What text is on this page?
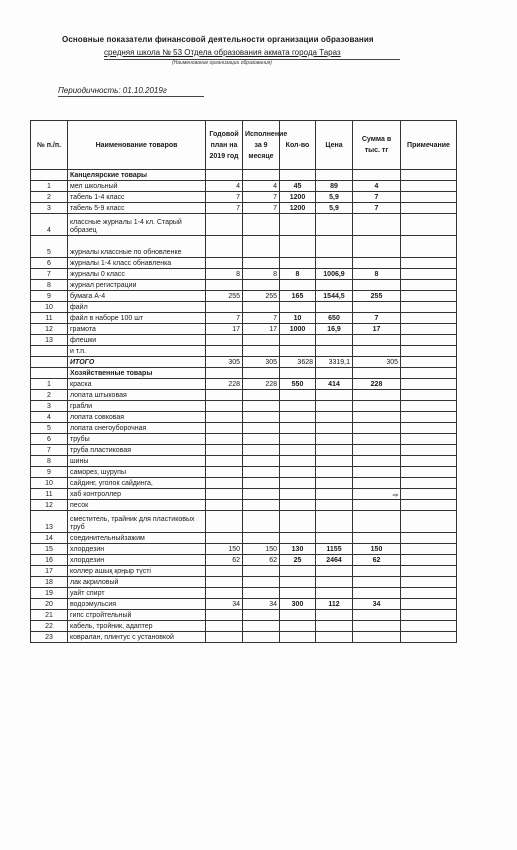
Основные показатели финансовой деятельности организации образования
средняя школа № 53 Отдела образования акмата города Тараз
(Наименование организации образования)
Периодичность: 01.10.2019г
№ п./п.	Наименование товаров	Годовой план на 2019 год	Исполнение за 9 месяце	Кол-во	Цена	Сумма в тыс. тг	Примечание
	Канцелярские товары						
1	мел школьный	4	4	45	89	4	
2	табель 1-4 класс	7	7	1200	5,9	7	
3	табель 5-9 класс	7	7	1200	5,9	7	
4	классные журналы 1-4 кл. Старый образец						
5	журналы классные по обновленке						
6	журналы 1-4 класс обнавленка						
7	журналы 0 класс	8	8	8	1006,9	8	
8	журнал регистрации						
9	бумага А-4	255	255	165	1544,5	255	
10	файл						
11	файл в наборе 100 шт	7	7	10	650	7	
12	грамота	17	17	1000	16,9	17	
13	флешки						
	и т.п.						
	ИТОГО	305	305	3628	3319,1	305	
	Хозяйственные товары						
1	краска	228	228	550	414	228	
2	лопата штыковая						
3	грабли						
4	лопата совковая						
5	лопата снегоуборочная						
6	трубы						
7	труба пластиковая						
8	шины						
9	саморез, шурупы						
10	сайдинг, уголок сайдинга,						
11	хаб контроллер					зф	
12	песок						
13	сместитель, трайник для пластиковых труб						
14	соединительныйзажим						
15	хлордезин	150	150	130	1155	150	
16	хлордезин	62	62	25	2464	62	
17	коллер ашық қоңыр түсті						
18	лак акриловый						
19	уайт спирт						
20	водоэмульсия	34	34	300	112	34	
21	гипс стройтельный						
22	кабель, тройник, адаптер						
23	ковралан, плинтус с установкой						
